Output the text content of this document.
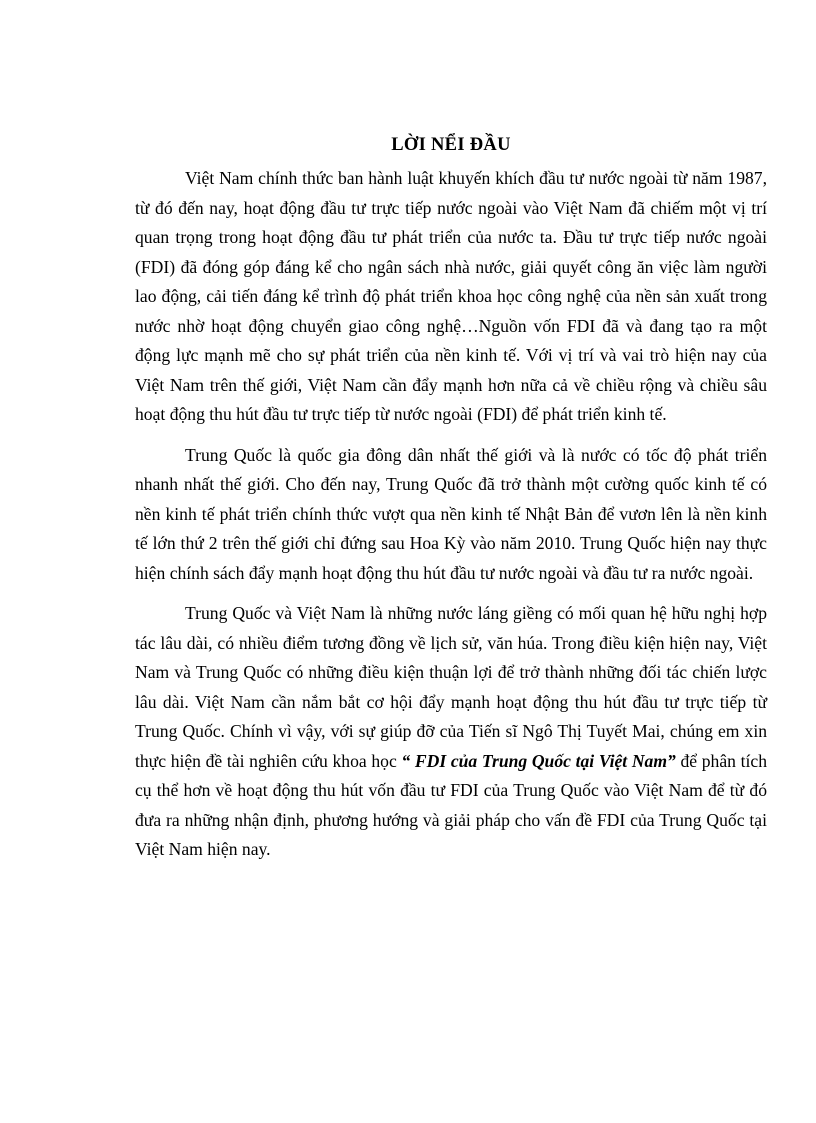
LỜI NỂI ĐẦU

Việt Nam chính thức ban hành luật khuyến khích đầu tư nước ngoài từ năm 1987, từ đó đến nay, hoạt động đầu tư trực tiếp nước ngoài vào Việt Nam đã chiếm một vị trí quan trọng trong hoạt động đầu tư phát triển của nước ta. Đầu tư trực tiếp nước ngoài (FDI) đã đóng góp đáng kể cho ngân sách nhà nước, giải quyết công ăn việc làm người lao động, cải tiến đáng kể trình độ phát triển khoa học công nghệ của nền sản xuất trong nước nhờ hoạt động chuyển giao công nghệ…Nguồn vốn FDI đã và đang tạo ra một động lực mạnh mẽ cho sự phát triển của nền kinh tế. Với vị trí và vai trò hiện nay của Việt Nam trên thế giới, Việt Nam cần đẩy mạnh hơn nữa cả về chiều rộng và chiều sâu hoạt động thu hút đầu tư trực tiếp từ nước ngoài (FDI) để phát triển kinh tế.

Trung Quốc là quốc gia đông dân nhất thế giới và là nước có tốc độ phát triển nhanh nhất thế giới. Cho đến nay, Trung Quốc đã trở thành một cường quốc kinh tế có nền kinh tế phát triển chính thức vượt qua nền kinh tế Nhật Bản để vươn lên là nền kinh tế lớn thứ 2 trên thế giới chỉ đứng sau Hoa Kỳ vào năm 2010. Trung Quốc hiện nay thực hiện chính sách đẩy mạnh hoạt động thu hút đầu tư nước ngoài và đầu tư ra nước ngoài.

Trung Quốc và Việt Nam là những nước láng giềng có mối quan hệ hữu nghị hợp tác lâu dài, có nhiều điểm tương đồng về lịch sử, văn húa. Trong điều kiện hiện nay, Việt Nam và Trung Quốc có những điều kiện thuận lợi để trở thành những đối tác chiến lược lâu dài. Việt Nam cần nắm bắt cơ hội đẩy mạnh hoạt động thu hút đầu tư trực tiếp từ Trung Quốc. Chính vì vậy, với sự giúp đỡ của Tiến sĩ Ngô Thị Tuyết Mai, chúng em xin thực hiện đề tài nghiên cứu khoa học “ FDI của Trung Quốc tại Việt Nam” để phân tích cụ thể hơn về hoạt động thu hút vốn đầu tư FDI của Trung Quốc vào Việt Nam để từ đó đưa ra những nhận định, phương hướng và giải pháp cho vấn đề FDI của Trung Quốc tại Việt Nam hiện nay.
